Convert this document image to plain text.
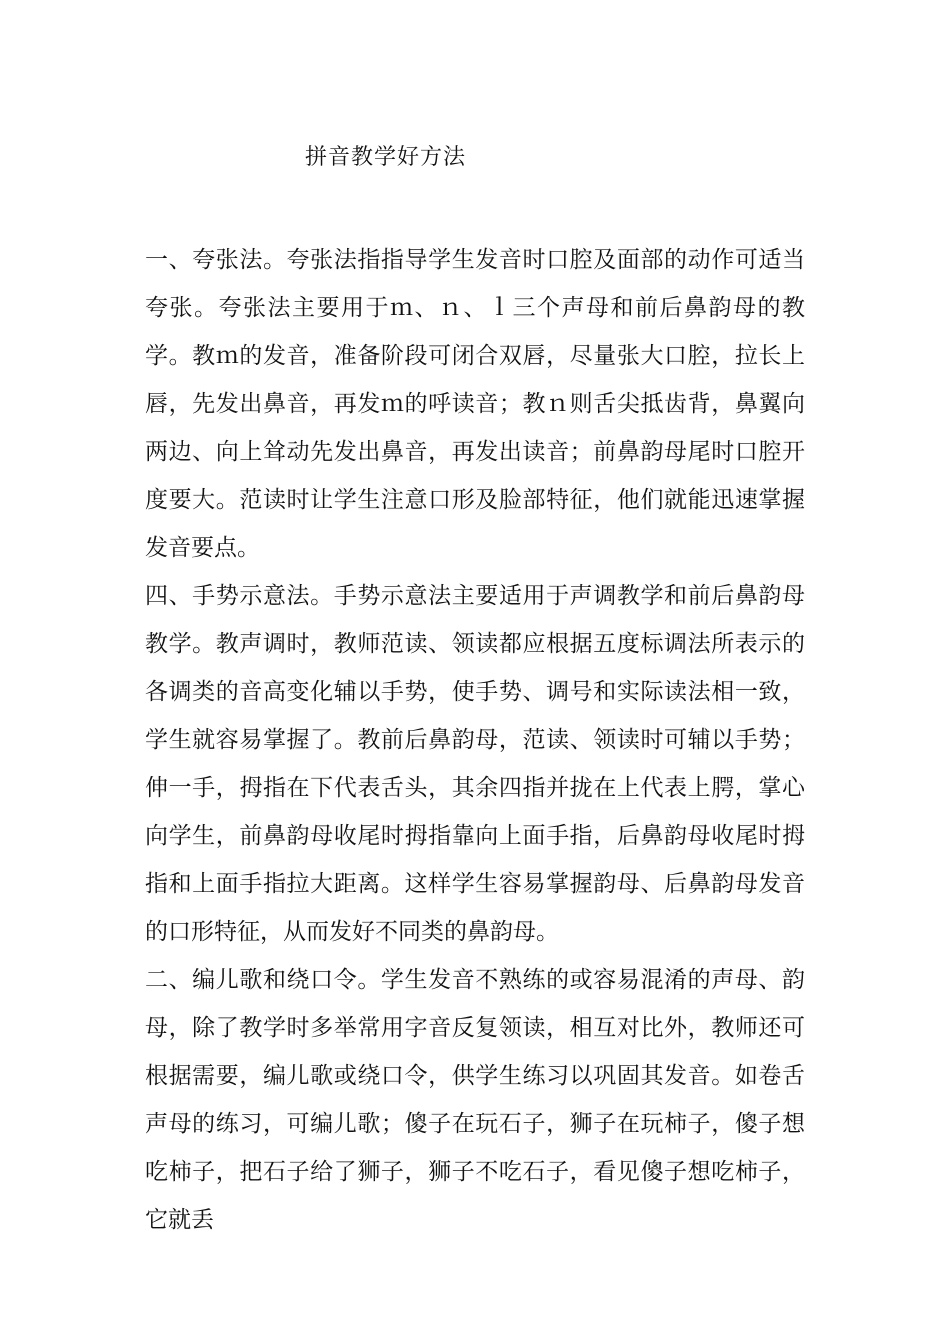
拼音教学好方法

一、夸张法。夸张法指指导学生发音时口腔及面部的动作可适当夸张。夸张法主要用于ｍ、ｎ、ｌ三个声母和前后鼻韵母的教学。教ｍ的发音，准备阶段可闭合双唇，尽量张大口腔，拉长上唇，先发出鼻音，再发ｍ的呼读音；教ｎ则舌尖抵齿背，鼻翼向两边、向上耸动先发出鼻音，再发出读音；前鼻韵母尾时口腔开度要大。范读时让学生注意口形及脸部特征，他们就能迅速掌握发音要点。

四、手势示意法。手势示意法主要适用于声调教学和前后鼻韵母教学。教声调时，教师范读、领读都应根据五度标调法所表示的各调类的音高变化辅以手势，使手势、调号和实际读法相一致，学生就容易掌握了。教前后鼻韵母，范读、领读时可辅以手势；伸一手，拇指在下代表舌头，其余四指并拢在上代表上腭，掌心向学生，前鼻韵母收尾时拇指靠向上面手指，后鼻韵母收尾时拇指和上面手指拉大距离。这样学生容易掌握韵母、后鼻韵母发音的口形特征，从而发好不同类的鼻韵母。

二、编儿歌和绕口令。学生发音不熟练的或容易混淆的声母、韵母，除了教学时多举常用字音反复领读，相互对比外，教师还可根据需要，编儿歌或绕口令，供学生练习以巩固其发音。如卷舌声母的练习，可编儿歌；傻子在玩石子，狮子在玩柿子，傻子想吃柿子，把石子给了狮子，狮子不吃石子，看见傻子想吃柿子，它就丢
